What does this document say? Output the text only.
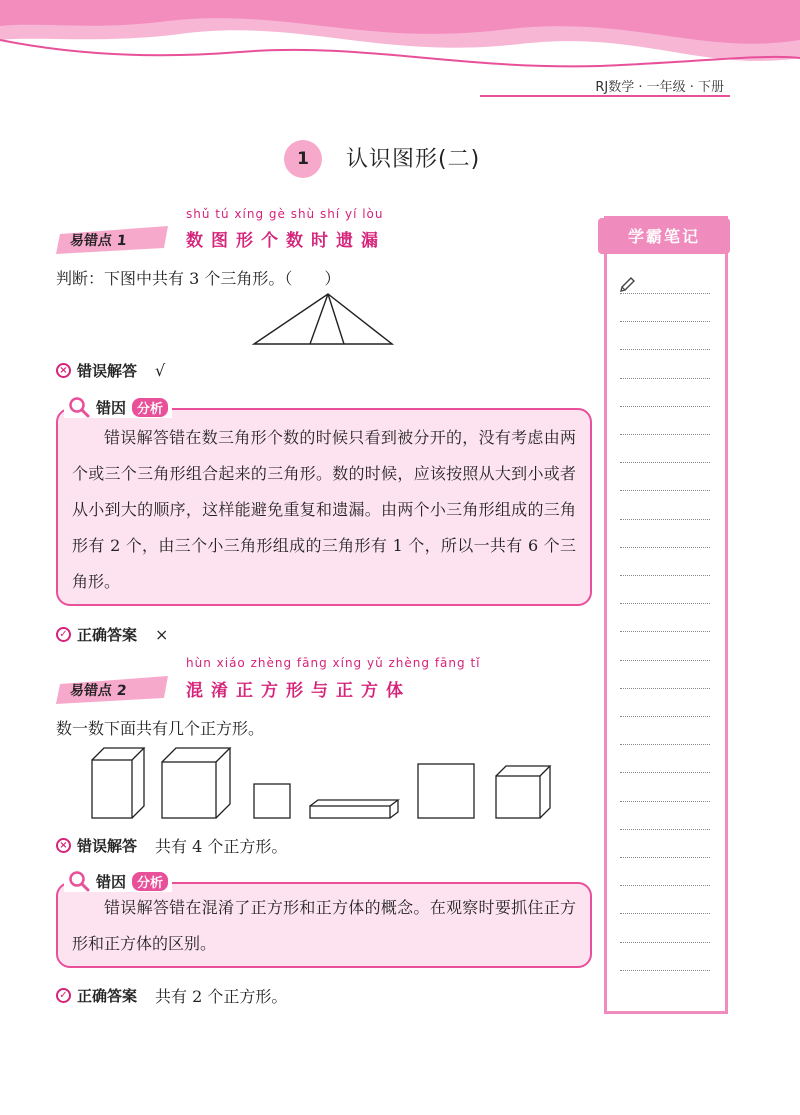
RJ数学 · 一年级 · 下册
1	认识图形(二)
易错点 1
shǔ tú xíng gè shù shí yí lòu
数图形个数时遗漏
判断：下图中共有 3 个三角形。（　　）
× 错误解答 √
错误解答错在数三角形个数的时候只看到被分开的，没有考虑由两个或三个三角形组合起来的三角形。数的时候，应该按照从大到小或者从小到大的顺序，这样能避免重复和遗漏。由两个小三角形组成的三角形有 2 个，由三个小三角形组成的三角形有 1 个，所以一共有 6 个三角形。
错因 分析
✓ 正确答案 ×
易错点 2
hùn xiáo zhèng fāng xíng yǔ zhèng fāng tǐ
混淆正方形与正方体
数一数下面共有几个正方形。
× 错误解答 共有 4 个正方形。
错误解答错在混淆了正方形和正方体的概念。在观察时要抓住正方形和正方体的区别。
错因 分析
✓ 正确答案 共有 2 个正方形。
学霸笔记
